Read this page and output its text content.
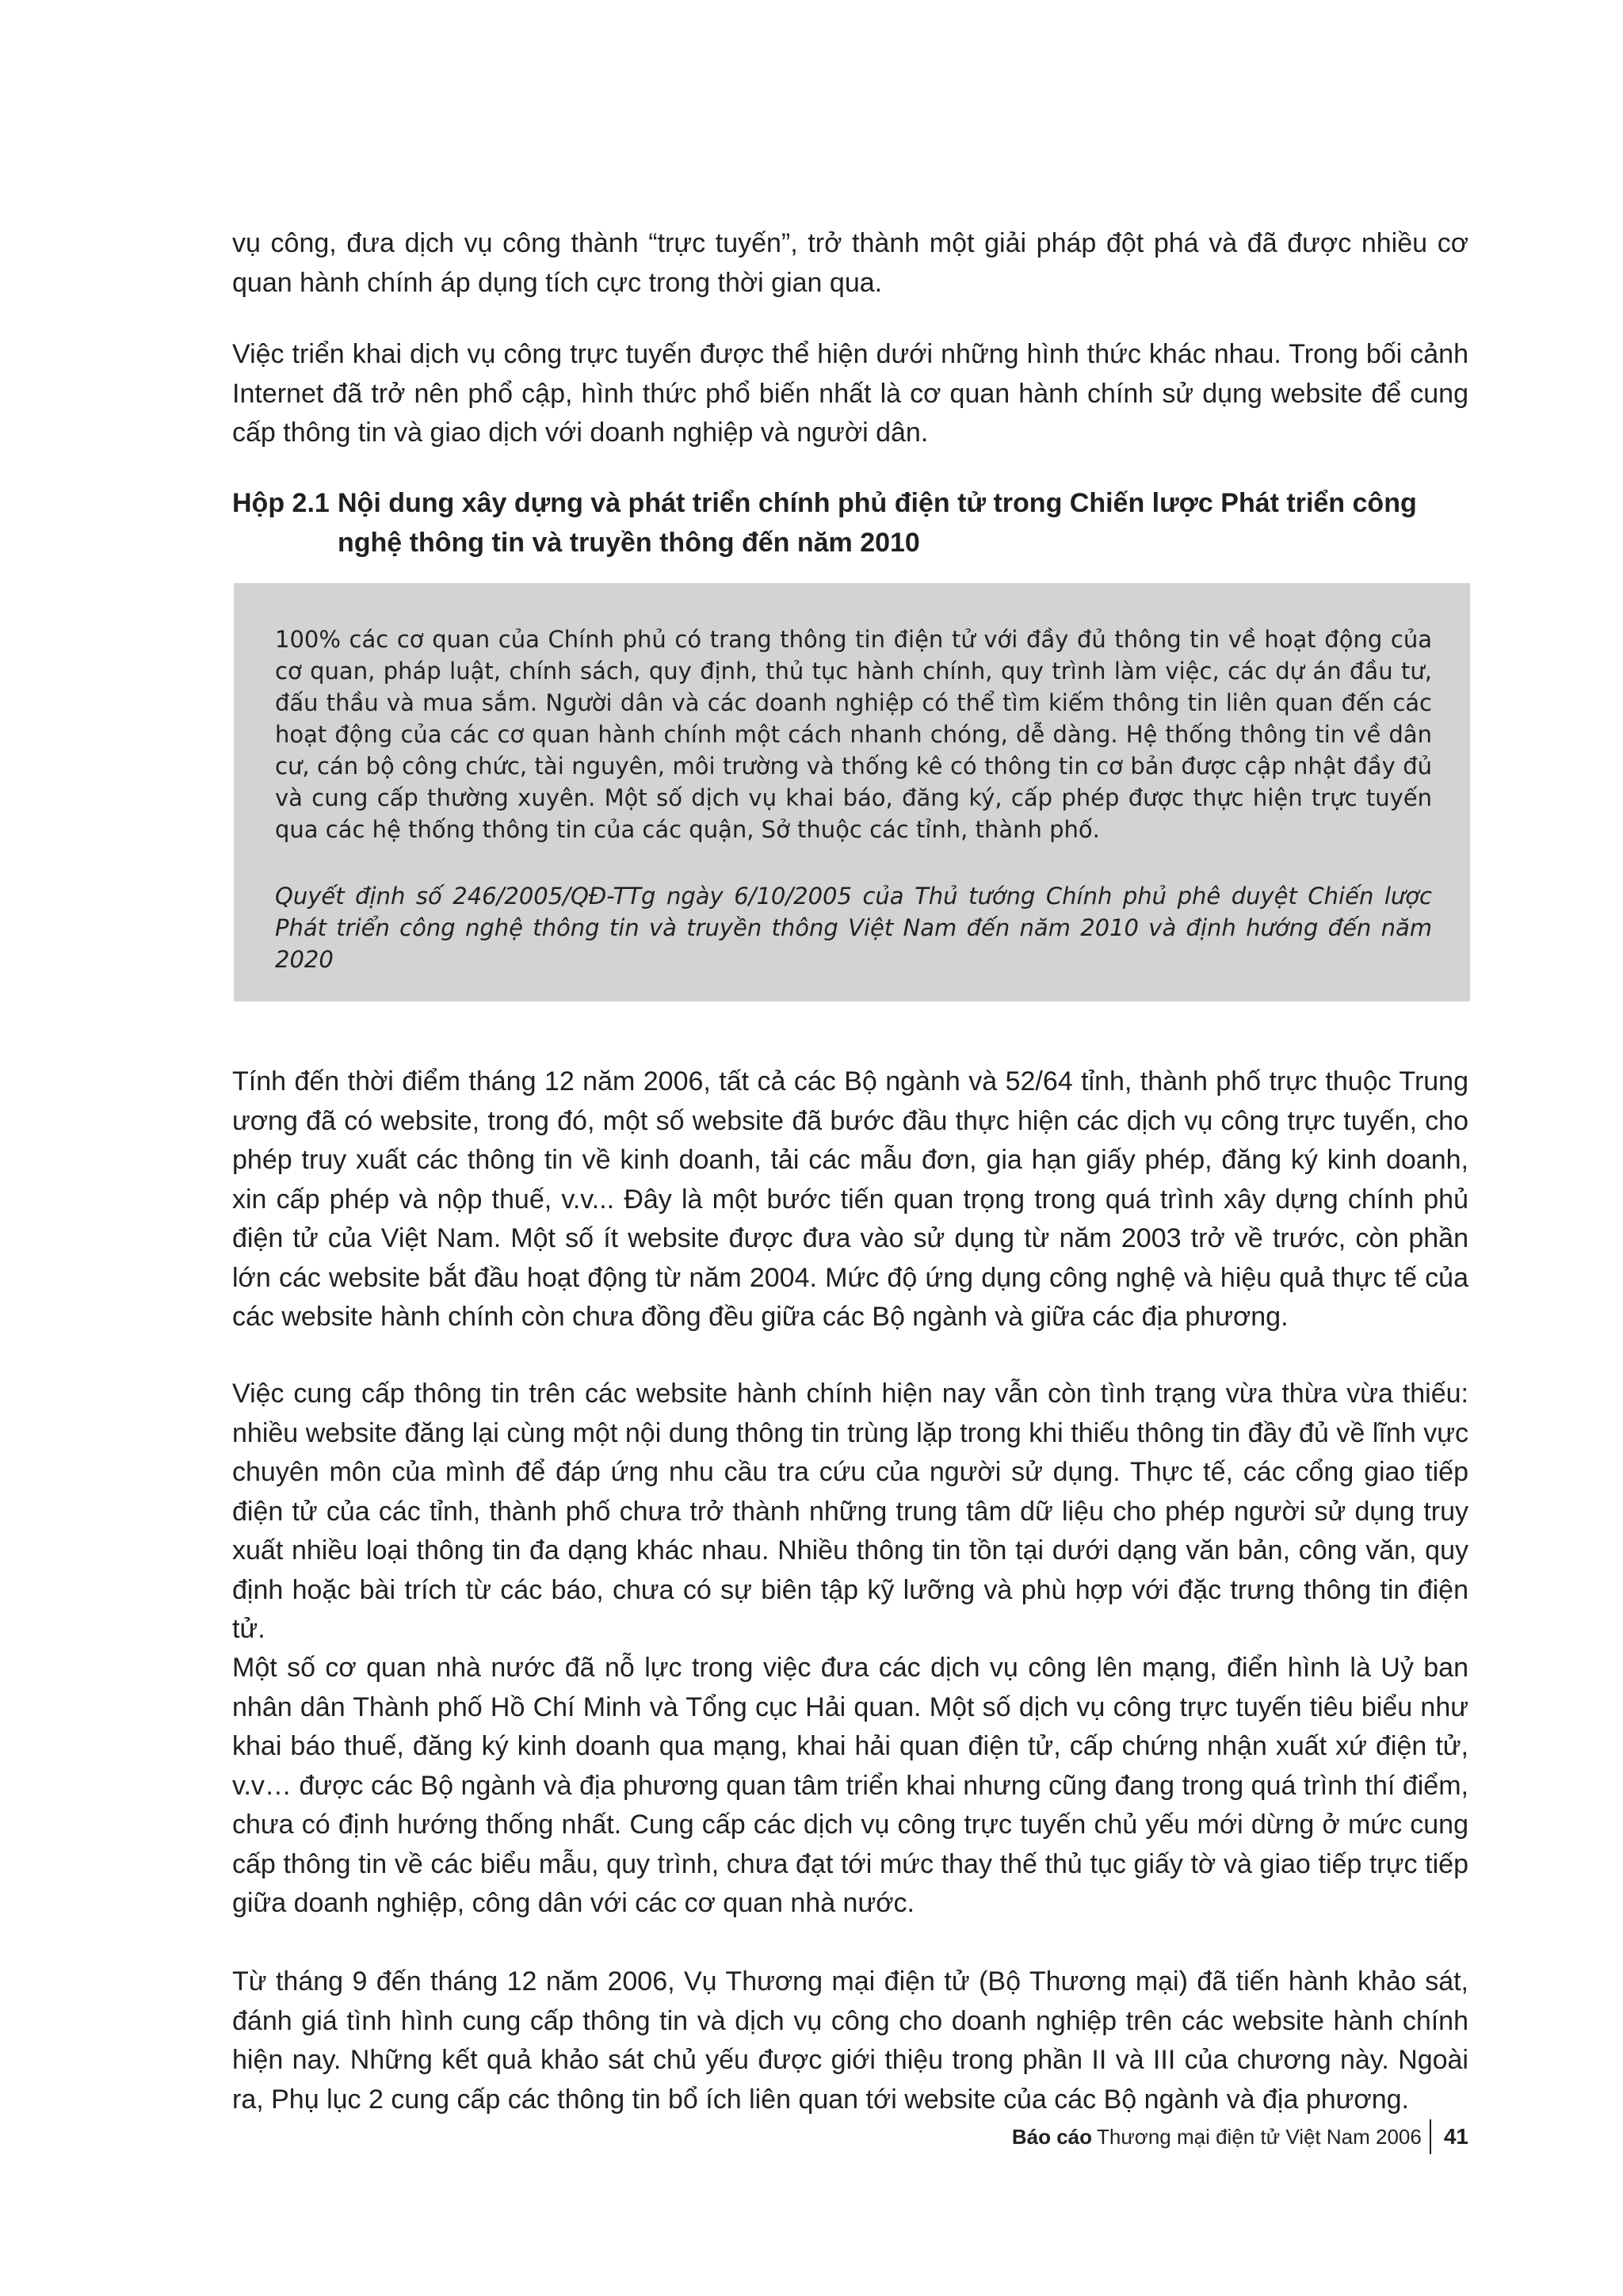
vụ công, đưa dịch vụ công thành “trực tuyến”, trở thành một giải pháp đột phá và đã được nhiều cơ quan hành chính áp dụng tích cực trong thời gian qua.

Việc triển khai dịch vụ công trực tuyến được thể hiện dưới những hình thức khác nhau. Trong bối cảnh Internet đã trở nên phổ cập, hình thức phổ biến nhất là cơ quan hành chính sử dụng website để cung cấp thông tin và giao dịch với doanh nghiệp và người dân.

Hộp 2.1 Nội dung xây dựng và phát triển chính phủ điện tử trong Chiến lược Phát triển công nghệ thông tin và truyền thông đến năm 2010

100% các cơ quan của Chính phủ có trang thông tin điện tử với đầy đủ thông tin về hoạt động của cơ quan, pháp luật, chính sách, quy định, thủ tục hành chính, quy trình làm việc, các dự án đầu tư, đấu thầu và mua sắm. Người dân và các doanh nghiệp có thể tìm kiếm thông tin liên quan đến các hoạt động của các cơ quan hành chính một cách nhanh chóng, dễ dàng. Hệ thống thông tin về dân cư, cán bộ công chức, tài nguyên, môi trường và thống kê có thông tin cơ bản được cập nhật đầy đủ và cung cấp thường xuyên. Một số dịch vụ khai báo, đăng ký, cấp phép được thực hiện trực tuyến qua các hệ thống thông tin của các quận, Sở thuộc các tỉnh, thành phố.

Quyết định số 246/2005/QĐ-TTg ngày 6/10/2005 của Thủ tướng Chính phủ phê duyệt Chiến lược Phát triển công nghệ thông tin và truyền thông Việt Nam đến năm 2010 và định hướng đến năm 2020

Tính đến thời điểm tháng 12 năm 2006, tất cả các Bộ ngành và 52/64 tỉnh, thành phố trực thuộc Trung ương đã có website, trong đó, một số website đã bước đầu thực hiện các dịch vụ công trực tuyến, cho phép truy xuất các thông tin về kinh doanh, tải các mẫu đơn, gia hạn giấy phép, đăng ký kinh doanh, xin cấp phép và nộp thuế, v.v... Đây là một bước tiến quan trọng trong quá trình xây dựng chính phủ điện tử của Việt Nam. Một số ít website được đưa vào sử dụng từ năm 2003 trở về trước, còn phần lớn các website bắt đầu hoạt động từ năm 2004. Mức độ ứng dụng công nghệ và hiệu quả thực tế của các website hành chính còn chưa đồng đều giữa các Bộ ngành và giữa các địa phương.

Việc cung cấp thông tin trên các website hành chính hiện nay vẫn còn tình trạng vừa thừa vừa thiếu: nhiều website đăng lại cùng một nội dung thông tin trùng lặp trong khi thiếu thông tin đầy đủ về lĩnh vực chuyên môn của mình để đáp ứng nhu cầu tra cứu của người sử dụng. Thực tế, các cổng giao tiếp điện tử của các tỉnh, thành phố chưa trở thành những trung tâm dữ liệu cho phép người sử dụng truy xuất nhiều loại thông tin đa dạng khác nhau. Nhiều thông tin tồn tại dưới dạng văn bản, công văn, quy định hoặc bài trích từ các báo, chưa có sự biên tập kỹ lưỡng và phù hợp với đặc trưng thông tin điện tử.

Một số cơ quan nhà nước đã nỗ lực trong việc đưa các dịch vụ công lên mạng, điển hình là Uỷ ban nhân dân Thành phố Hồ Chí Minh và Tổng cục Hải quan. Một số dịch vụ công trực tuyến tiêu biểu như khai báo thuế, đăng ký kinh doanh qua mạng, khai hải quan điện tử, cấp chứng nhận xuất xứ điện tử, v.v… được các Bộ ngành và địa phương quan tâm triển khai nhưng cũng đang trong quá trình thí điểm, chưa có định hướng thống nhất. Cung cấp các dịch vụ công trực tuyến chủ yếu mới dừng ở mức cung cấp thông tin về các biểu mẫu, quy trình, chưa đạt tới mức thay thế thủ tục giấy tờ và giao tiếp trực tiếp giữa doanh nghiệp, công dân với các cơ quan nhà nước.

Từ tháng 9 đến tháng 12 năm 2006, Vụ Thương mại điện tử (Bộ Thương mại) đã tiến hành khảo sát, đánh giá tình hình cung cấp thông tin và dịch vụ công cho doanh nghiệp trên các website hành chính hiện nay. Những kết quả khảo sát chủ yếu được giới thiệu trong phần II và III của chương này. Ngoài ra, Phụ lục 2 cung cấp các thông tin bổ ích liên quan tới website của các Bộ ngành và địa phương.

Báo cáo Thương mại điện tử Việt Nam 2006 41
